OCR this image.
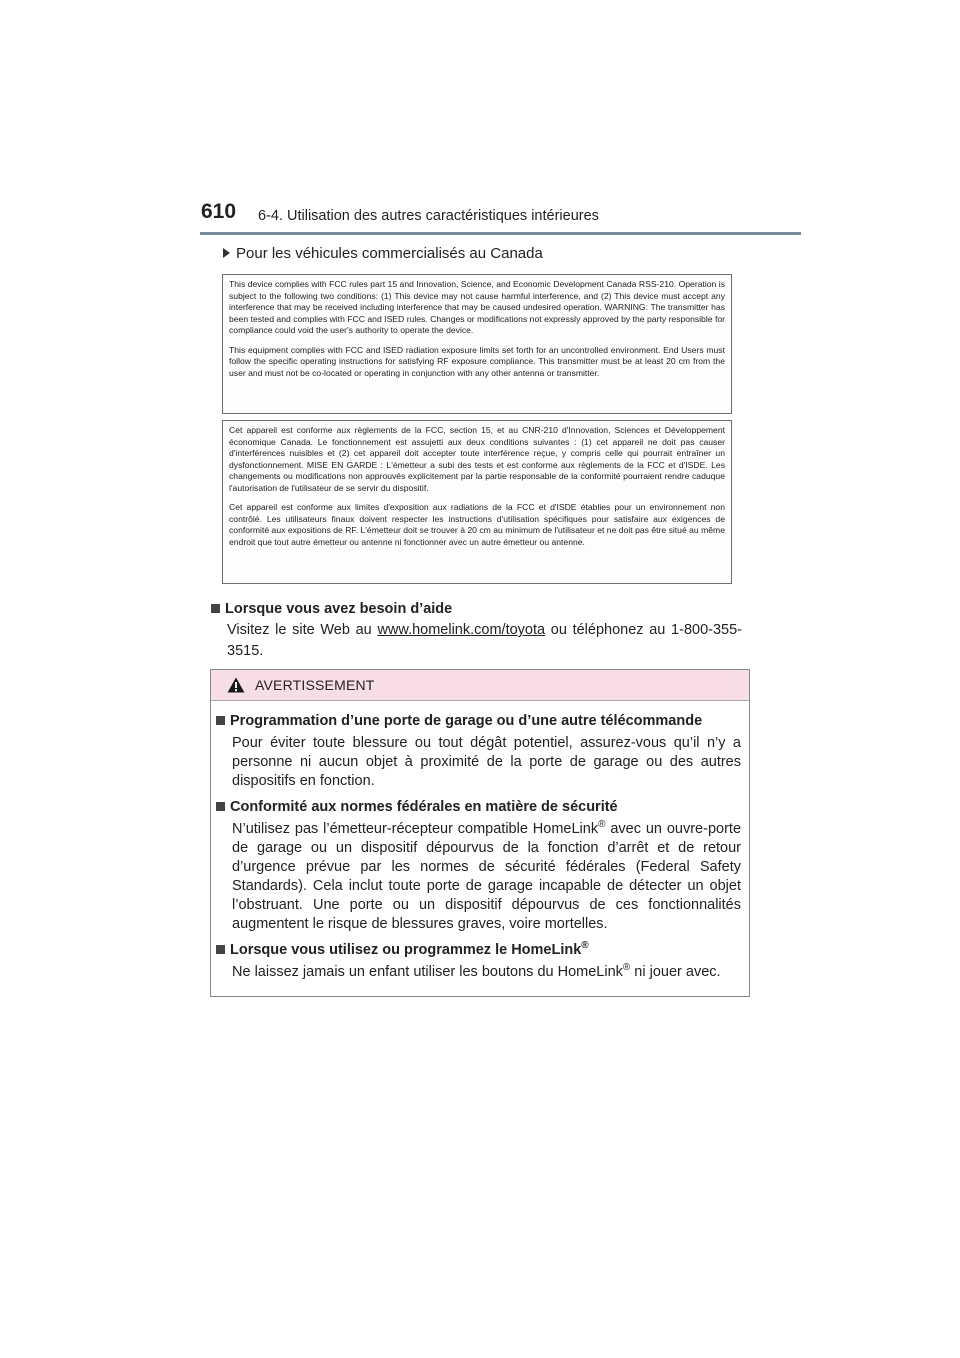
610 6-4. Utilisation des autres caractéristiques intérieures
Pour les véhicules commercialisés au Canada

This device complies with FCC rules part 15 and Innovation, Science, and Economic Development Canada RSS-210. Operation is subject to the following two conditions: (1) This device may not cause harmful interference, and (2) This device must accept any interference that may be received including interference that may be caused undesired operation. WARNING: The transmitter has been tested and complies with FCC and ISED rules. Changes or modifications not expressly approved by the party responsible for compliance could void the user's authority to operate the device.

This equipment complies with FCC and ISED radiation exposure limits set forth for an uncontrolled environment. End Users must follow the specific operating instructions for satisfying RF exposure compliance. This transmitter must be at least 20 cm from the user and must not be co-located or operating in conjunction with any other antenna or transmitter.

Cet appareil est conforme aux règlements de la FCC, section 15, et au CNR-210 d'Innovation, Sciences et Développement économique Canada. Le fonctionnement est assujetti aux deux conditions suivantes : (1) cet appareil ne doit pas causer d'interférences nuisibles et (2) cet appareil doit accepter toute interférence reçue, y compris celle qui pourrait entraîner un dysfonctionnement. MISE EN GARDE : L'émetteur a subi des tests et est conforme aux règlements de la FCC et d'ISDE. Les changements ou modifications non approuvés explicitement par la partie responsable de la conformité pourraient rendre caduque l'autorisation de l'utilisateur de se servir du dispositif.

Cet appareil est conforme aux limites d'exposition aux radiations de la FCC et d'ISDE établies pour un environnement non contrôlé. Les utilisateurs finaux doivent respecter les instructions d'utilisation spécifiques pour satisfaire aux exigences de conformité aux expositions de RF. L'émetteur doit se trouver à 20 cm au minimum de l'utilisateur et ne doit pas être situé au même endroit que tout autre émetteur ou antenne ni fonctionner avec un autre émetteur ou antenne.

Lorsque vous avez besoin d’aide
Visitez le site Web au www.homelink.com/toyota ou téléphonez au 1-800-355-3515.
AVERTISSEMENT
Programmation d’une porte de garage ou d’une autre télécommande
Pour éviter toute blessure ou tout dégât potentiel, assurez-vous qu’il n’y a personne ni aucun objet à proximité de la porte de garage ou des autres dispositifs en fonction.
Conformité aux normes fédérales en matière de sécurité
N’utilisez pas l’émetteur-récepteur compatible HomeLink® avec un ouvre-porte de garage ou un dispositif dépourvus de la fonction d’arrêt et de retour d’urgence prévue par les normes de sécurité fédérales (Federal Safety Standards). Cela inclut toute porte de garage incapable de détecter un objet l’obstruant. Une porte ou un dispositif dépourvus de ces fonctionnalités augmentent le risque de blessures graves, voire mortelles.
Lorsque vous utilisez ou programmez le HomeLink®
Ne laissez jamais un enfant utiliser les boutons du HomeLink® ni jouer avec.
